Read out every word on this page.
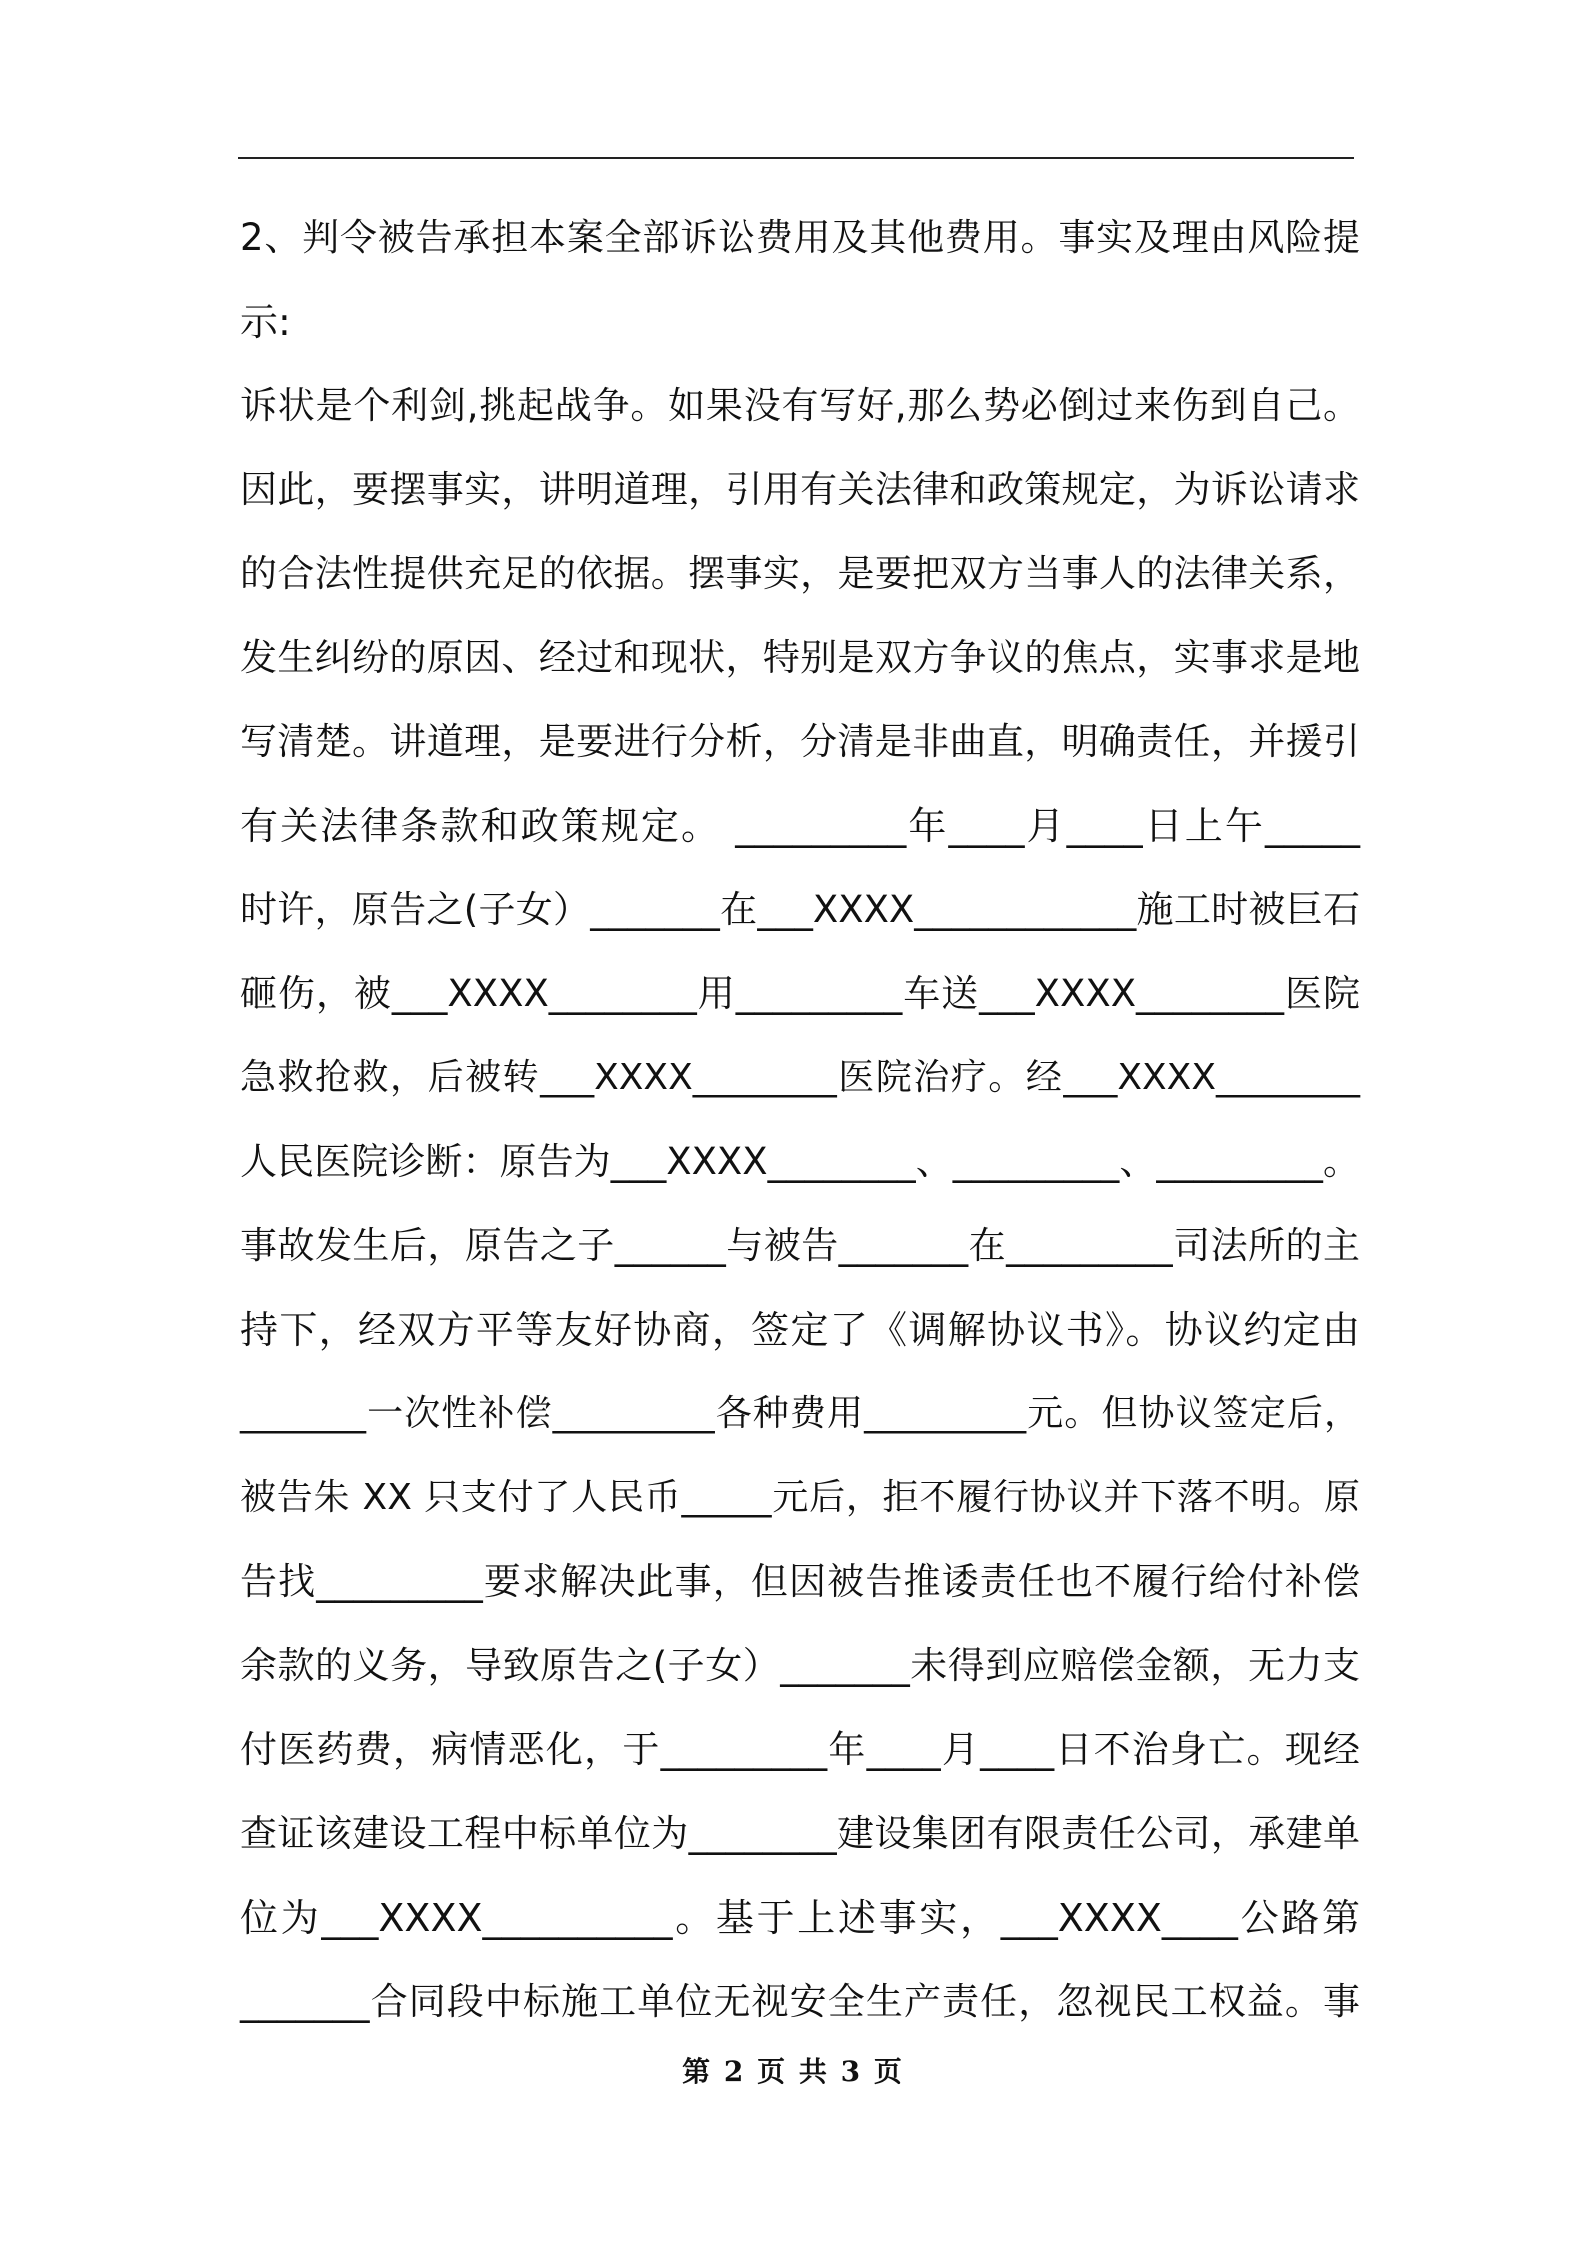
2、判令被告承担本案全部诉讼费用及其他费用。事实及理由风险提
示:
诉状是个利剑,挑起战争。如果没有写好,那么势必倒过来伤到自己。
因此，要摆事实，讲明道理，引用有关法律和政策规定，为诉讼请求
的合法性提供充足的依据。摆事实，是要把双方当事人的法律关系，
发生纠纷的原因、经过和现状，特别是双方争议的焦点，实事求是地
写清楚。讲道理，是要进行分析，分清是非曲直，明确责任，并援引
有关法律条款和政策规定。 _________年____月____日上午_____
时许，原告之(子女）_______在___XXXX____________施工时被巨石
砸伤，被___XXXX________用_________车送___XXXX________医院
急救抢救，后被转___XXXX________医院治疗。经___XXXX________
人民医院诊断：原告为___XXXX________、_________、_________。
事故发生后，原告之子______与被告_______在_________司法所的主
持下，经双方平等友好协商，签定了《调解协议书》。协议约定由
_______一次性补偿_________各种费用_________元。但协议签定后，
被告朱 XX 只支付了人民币_____元后，拒不履行协议并下落不明。原
告找_________要求解决此事，但因被告推诿责任也不履行给付补偿
余款的义务，导致原告之(子女）_______未得到应赔偿金额，无力支
付医药费，病情恶化，于_________年____月____日不治身亡。现经
查证该建设工程中标单位为________建设集团有限责任公司，承建单
位为___XXXX__________。基于上述事实，___XXXX____公路第
_______合同段中标施工单位无视安全生产责任，忽视民工权益。事
第 2 页 共 3 页
